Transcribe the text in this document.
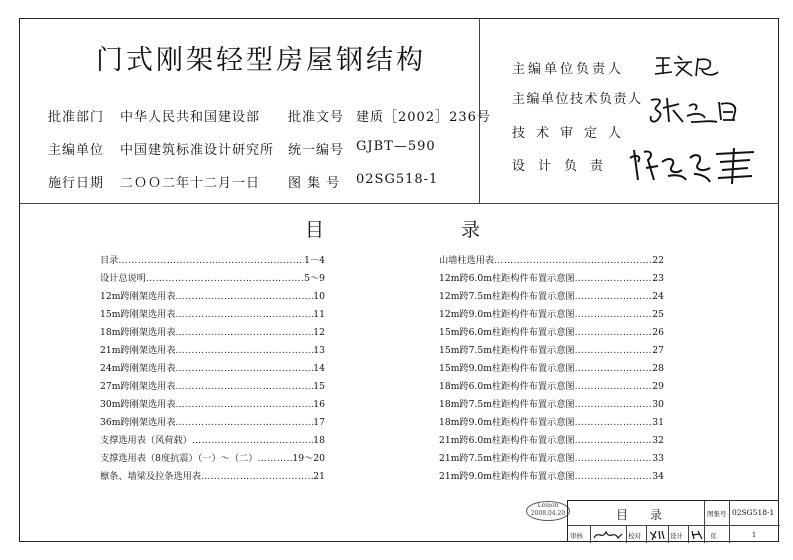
门式刚架轻型房屋钢结构
批准部门 中华人民共和国建设部 批准文号 建质［2002］236号
主编单位 中国建筑标准设计研究所 统一编号 GJBT—590
施行日期 二ＯＯ二年十二月一日 图 集 号 02SG518-1
主编单位负责人
主编单位技术负责人
技术审定人
设计负责
目	录
目录 …………………………………………………………………………………………………………	1－4
设计总说明 …………………………………………………………………………………………………………	5～9
12m跨刚架选用表 …………………………………………………………………………………………………………	10
15m跨刚架选用表 …………………………………………………………………………………………………………	11
18m跨刚架选用表 …………………………………………………………………………………………………………	12
21m跨刚架选用表 …………………………………………………………………………………………………………	13
24m跨刚架选用表 …………………………………………………………………………………………………………	14
27m跨刚架选用表 …………………………………………………………………………………………………………	15
30m跨刚架选用表 …………………………………………………………………………………………………………	16
36m跨刚架选用表 …………………………………………………………………………………………………………	17
支撑选用表（风荷载） …………………………………………………………………………………………………………	18
支撑选用表（8度抗震）（一）～（二） …………………………………………………………………………………………………………	19～20
檩条、墙梁及拉条选用表 …………………………………………………………………………………………………………	21
山墙柱选用表 …………………………………………………………………………………………………………	22
12m跨6.0m柱距构件布置示意图 …………………………………………………………………………………………………………	23
12m跨7.5m柱距构件布置示意图 …………………………………………………………………………………………………………	24
12m跨9.0m柱距构件布置示意图 …………………………………………………………………………………………………………	25
15m跨6.0m柱距构件布置示意图 …………………………………………………………………………………………………………	26
15m跨7.5m柱距构件布置示意图 …………………………………………………………………………………………………………	27
15m跨9.0m柱距构件布置示意图 …………………………………………………………………………………………………………	28
18m跨6.0m柱距构件布置示意图 …………………………………………………………………………………………………………	29
18m跨7.5m柱距构件布置示意图 …………………………………………………………………………………………………………	30
18m跨9.0m柱距构件布置示意图 …………………………………………………………………………………………………………	31
21m跨6.0m柱距构件布置示意图 …………………………………………………………………………………………………………	32
21m跨7.5m柱距构件布置示意图 …………………………………………………………………………………………………………	33
21m跨9.0m柱距构件布置示意图 …………………………………………………………………………………………………………	34
Lemon
2008.04.20	目 录	图集号 02SG518-1
审核	校对	设计	页	1
